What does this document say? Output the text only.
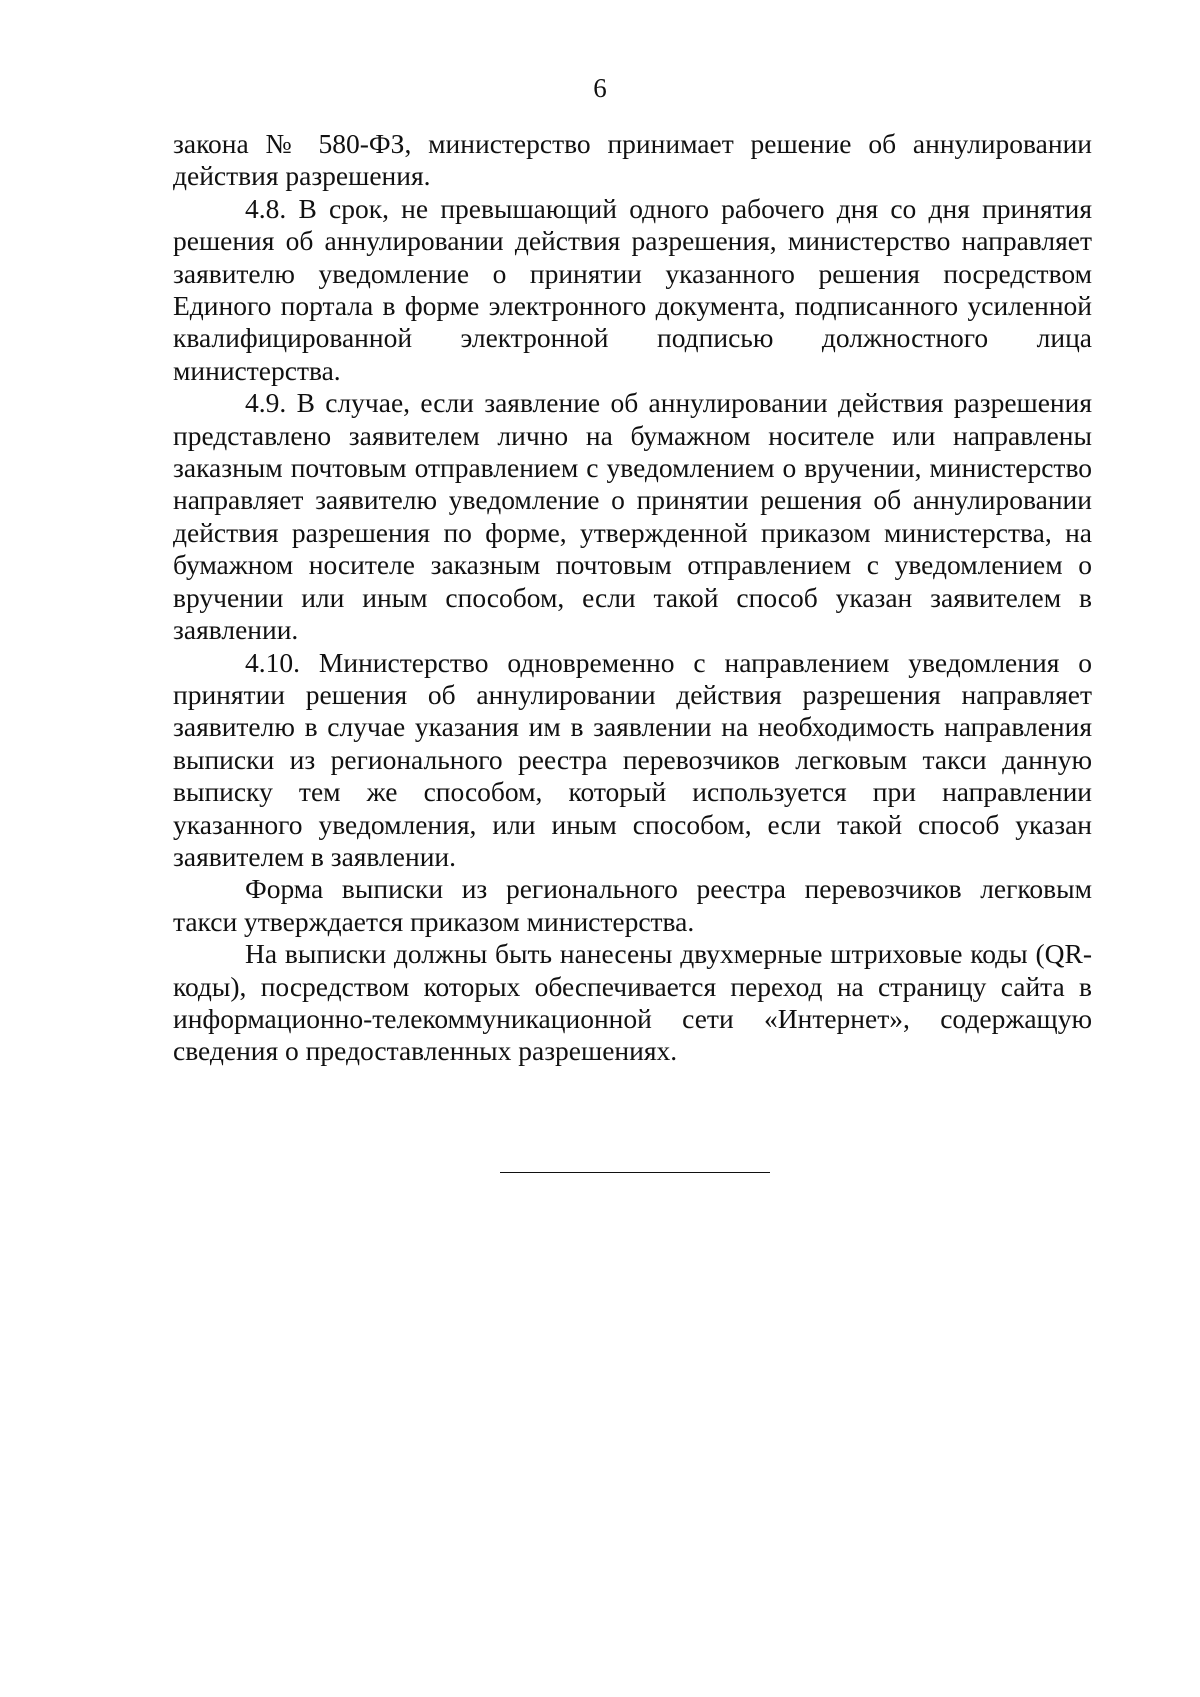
6

закона № 580-ФЗ, министерство принимает решение об аннулировании действия разрешения.

4.8. В срок, не превышающий одного рабочего дня со дня принятия решения об аннулировании действия разрешения, министерство направляет заявителю уведомление о принятии указанного решения посредством Единого портала в форме электронного документа, подписанного усиленной квалифицированной электронной подписью должностного лица министерства.

4.9. В случае, если заявление об аннулировании действия разрешения представлено заявителем лично на бумажном носителе или направлены заказным почтовым отправлением с уведомлением о вручении, министерство направляет заявителю уведомление о принятии решения об аннулировании действия разрешения по форме, утвержденной приказом министерства, на бумажном носителе заказным почтовым отправлением с уведомлением о вручении или иным способом, если такой способ указан заявителем в заявлении.

4.10. Министерство одновременно с направлением уведомления о принятии решения об аннулировании действия разрешения направляет заявителю в случае указания им в заявлении на необходимость направления выписки из регионального реестра перевозчиков легковым такси данную выписку тем же способом, который используется при направлении указанного уведомления, или иным способом, если такой способ указан заявителем в заявлении.

Форма выписки из регионального реестра перевозчиков легковым такси утверждается приказом министерства.

На выписки должны быть нанесены двухмерные штриховые коды (QR-коды), посредством которых обеспечивается переход на страницу сайта в информационно-телекоммуникационной сети «Интернет», содержащую сведения о предоставленных разрешениях.
